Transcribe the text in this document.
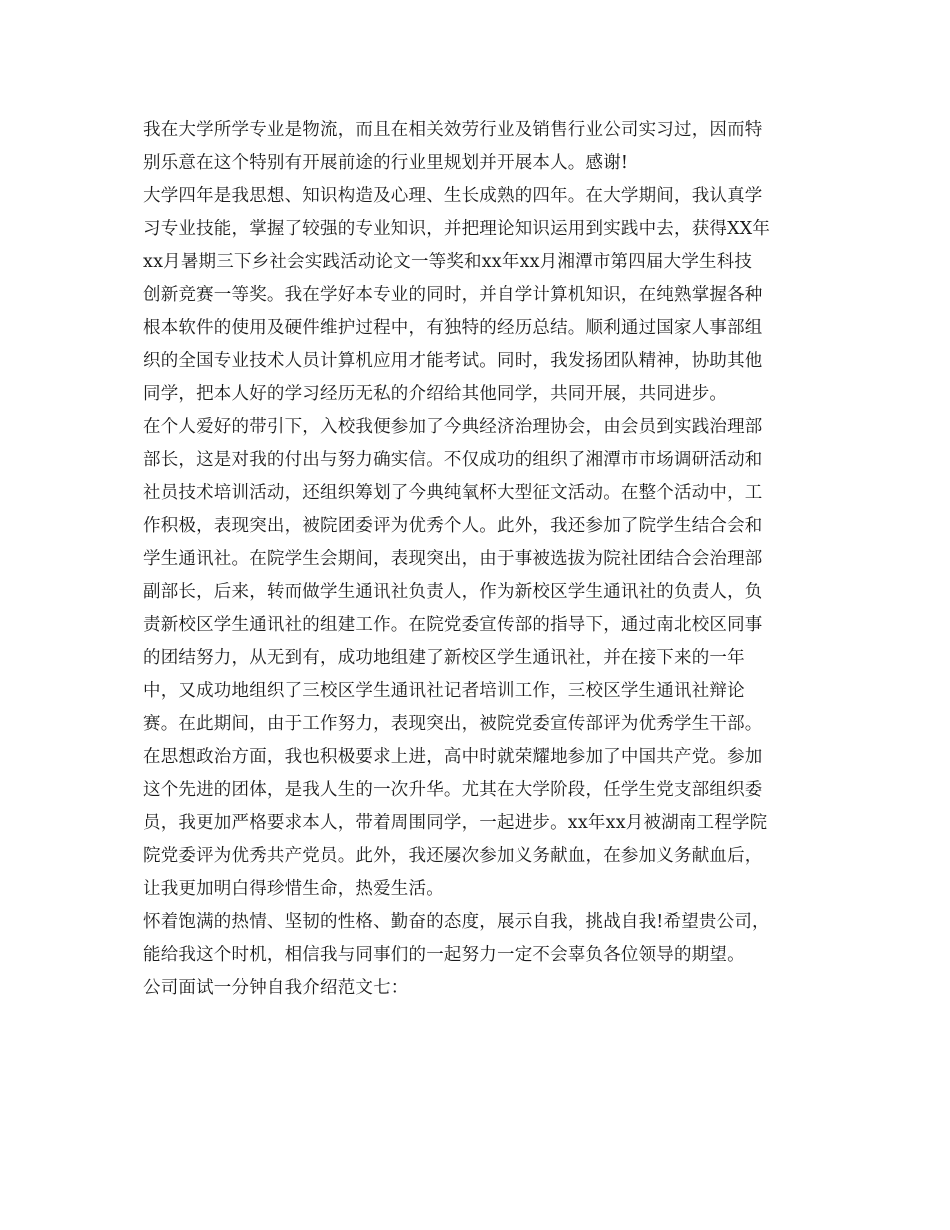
我在大学所学专业是物流，而且在相关效劳行业及销售行业公司实习过，因而特
别乐意在这个特别有开展前途的行业里规划并开展本人。感谢!
大学四年是我思想、知识构造及心理、生长成熟的四年。在大学期间，我认真学
习专业技能，掌握了较强的专业知识，并把理论知识运用到实践中去，获得XX年
xx月暑期三下乡社会实践活动论文一等奖和xx年xx月湘潭市第四届大学生科技
创新竞赛一等奖。我在学好本专业的同时，并自学计算机知识，在纯熟掌握各种
根本软件的使用及硬件维护过程中，有独特的经历总结。顺利通过国家人事部组
织的全国专业技术人员计算机应用才能考试。同时，我发扬团队精神，协助其他
同学，把本人好的学习经历无私的介绍给其他同学，共同开展，共同进步。
在个人爱好的带引下，入校我便参加了今典经济治理协会，由会员到实践治理部
部长，这是对我的付出与努力确实信。不仅成功的组织了湘潭市市场调研活动和
社员技术培训活动，还组织筹划了今典纯氧杯大型征文活动。在整个活动中，工
作积极，表现突出，被院团委评为优秀个人。此外，我还参加了院学生结合会和
学生通讯社。在院学生会期间，表现突出，由于事被选拔为院社团结合会治理部
副部长，后来，转而做学生通讯社负责人，作为新校区学生通讯社的负责人，负
责新校区学生通讯社的组建工作。在院党委宣传部的指导下，通过南北校区同事
的团结努力，从无到有，成功地组建了新校区学生通讯社，并在接下来的一年
中，又成功地组织了三校区学生通讯社记者培训工作，三校区学生通讯社辩论
赛。在此期间，由于工作努力，表现突出，被院党委宣传部评为优秀学生干部。
在思想政治方面，我也积极要求上进，高中时就荣耀地参加了中国共产党。参加
这个先进的团体，是我人生的一次升华。尤其在大学阶段，任学生党支部组织委
员，我更加严格要求本人，带着周围同学，一起进步。xx年xx月被湖南工程学院
院党委评为优秀共产党员。此外，我还屡次参加义务献血，在参加义务献血后，
让我更加明白得珍惜生命，热爱生活。
怀着饱满的热情、坚韧的性格、勤奋的态度，展示自我，挑战自我!希望贵公司，
能给我这个时机，相信我与同事们的一起努力一定不会辜负各位领导的期望。
公司面试一分钟自我介绍范文七：
